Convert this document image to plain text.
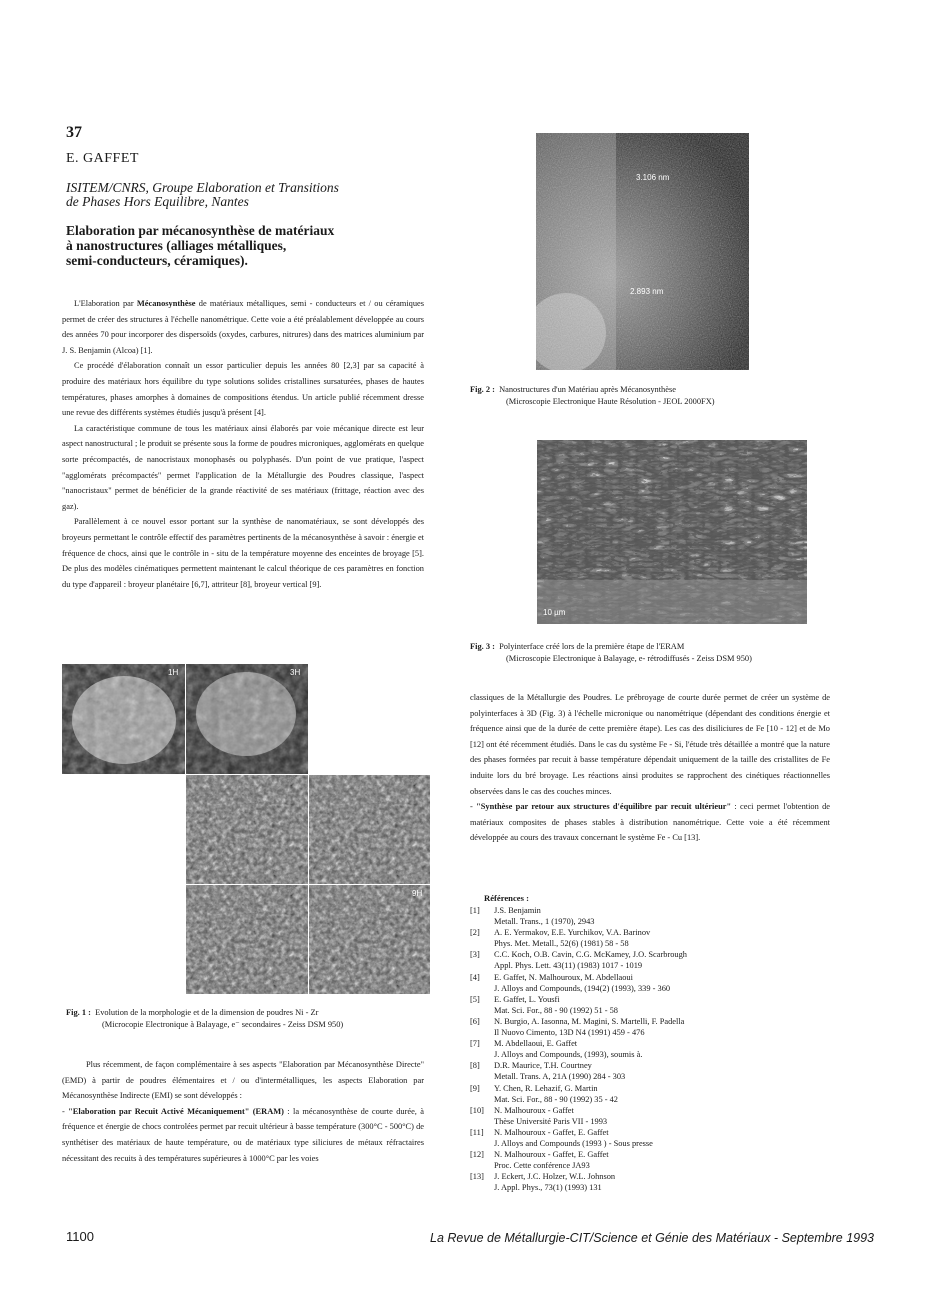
37
E. GAFFET
ISITEM/CNRS, Groupe Elaboration et Transitions
de Phases Hors Equilibre, Nantes
Elaboration par mécanosynthèse de matériaux
à nanostructures (alliages métalliques,
semi-conducteurs, céramiques).

L'Elaboration par Mécanosynthèse de matériaux métalliques, semi - conducteurs et / ou céramiques permet de créer des structures à l'échelle nanométrique. Cette voie a été préalablement développée au cours des années 70 pour incorporer des dispersoïds (oxydes, carbures, nitrures) dans des matrices aluminium par J. S. Benjamin (Alcoa) [1].

Ce procédé d'élaboration connaît un essor particulier depuis les années 80 [2,3] par sa capacité à produire des matériaux hors équilibre du type solutions solides cristallines sursaturées, phases de hautes températures, phases amorphes à domaines de compositions étendus. Un article publié récemment dresse une revue des différents systèmes étudiés jusqu'à présent [4].

La caractéristique commune de tous les matériaux ainsi élaborés par voie mécanique directe est leur aspect nanostructural ; le produit se présente sous la forme de poudres microniques, agglomérats en quelque sorte précompactés, de nanocristaux monophasés ou polyphasés. D'un point de vue pratique, l'aspect "agglomérats précompactés" permet l'application de la Métallurgie des Poudres classique, l'aspect "nanocristaux" permet de bénéficier de la grande réactivité de ses matériaux (frittage, réaction avec des gaz).

Parallèlement à ce nouvel essor portant sur la synthèse de nanomatériaux, se sont développés des broyeurs permettant le contrôle effectif des paramètres pertinents de la mécanosynthèse à savoir : énergie et fréquence de chocs, ainsi que le contrôle in - situ de la température moyenne des enceintes de broyage [5]. De plus des modèles cinématiques permettent maintenant le calcul théorique de ces paramètres en fonction du type d'appareil : broyeur planétaire [6,7], attriteur [8], broyeur vertical [9].

3.106 nm
2.893 nm
Fig. 2 : Nanostructures d'un Matériau après Mécanosynthèse
(Microscopie Electronique Haute Résolution - JEOL 2000FX)
10 µm
Fig. 3 : Polyinterface créé lors de la première étape de l'ERAM
(Microscopie Electronique à Balayage, e- rétrodiffusés - Zeiss DSM 950)
1H	3H
9H
Fig. 1 : Evolution de la morphologie et de la dimension de poudres Ni - Zr
(Microcopie Electronique à Balayage, e⁻ secondaires - Zeiss DSM 950)

Plus récemment, de façon complémentaire à ses aspects "Elaboration par Mécanosynthèse Directe" (EMD) à partir de poudres élémentaires et / ou d'intermétalliques, les aspects Elaboration par Mécanosynthèse Indirecte (EMI) se sont développés :

- "Elaboration par Recuit Activé Mécaniquement" (ERAM) : la mécanosynthèse de courte durée, à fréquence et énergie de chocs controlées permet par recuit ultérieur à basse température (300°C - 500°C) de synthétiser des matériaux de haute température, ou de matériaux type siliciures de métaux réfractaires nécessitant des recuits à des températures supérieures à 1000°C par les voies

classiques de la Métallurgie des Poudres. Le prébroyage de courte durée permet de créer un système de polyinterfaces à 3D (Fig. 3) à l'échelle micronique ou nanométrique (dépendant des conditions énergie et fréquence ainsi que de la durée de cette première étape). Les cas des disiliciures de Fe [10 - 12] et de Mo [12] ont été récemment étudiés. Dans le cas du système Fe - Si, l'étude très détaillée a montré que la nature des phases formées par recuit à basse température dépendait uniquement de la taille des cristallites de Fe induite lors du bré broyage. Les réactions ainsi produites se rapprochent des cinétiques réactionnelles observées dans le cas des couches minces.

- "Synthèse par retour aux structures d'équilibre par recuit ultérieur" : ceci permet l'obtention de matériaux composites de phases stables à distribution nanométrique. Cette voie a été récemment développée au cours des travaux concernant le système Fe - Cu [13].

Références :
[1]	J.S. Benjamin
Metall. Trans., 1 (1970), 2943
[2]	A. E. Yermakov, E.E. Yurchikov, V.A. Barinov
Phys. Met. Metall., 52(6) (1981) 58 - 58
[3]	C.C. Koch, O.B. Cavin, C.G. McKamey, J.O. Scarbrough
Appl. Phys. Lett. 43(11) (1983) 1017 - 1019
[4]	E. Gaffet, N. Malhouroux, M. Abdellaoui
J. Alloys and Compounds, (194(2) (1993), 339 - 360
[5]	E. Gaffet, L. Yousfi
Mat. Sci. For., 88 - 90 (1992) 51 - 58
[6]	N. Burgio, A. Iasonna, M. Magini, S. Martelli, F. Padella
Il Nuovo Cimento, 13D N4 (1991) 459 - 476
[7]	M. Abdellaoui, E. Gaffet
J. Alloys and Compounds, (1993), soumis à.
[8]	D.R. Maurice, T.H. Courtney
Metall. Trans. A, 21A (1990) 284 - 303
[9]	Y. Chen, R. Lehazif, G. Martin
Mat. Sci. For., 88 - 90 (1992) 35 - 42
[10]	N. Malhouroux - Gaffet
Thèse Université Paris VII - 1993
[11]	N. Malhouroux - Gaffet, E. Gaffet
J. Alloys and Compounds (1993 ) - Sous presse
[12]	N. Malhouroux - Gaffet, E. Gaffet
Proc. Cette conférence JA93
[13]	J. Eckert, J.C. Holzer, W.L. Johnson
J. Appl. Phys., 73(1) (1993) 131
1100	La Revue de Métallurgie-CIT/Science et Génie des Matériaux - Septembre 1993
